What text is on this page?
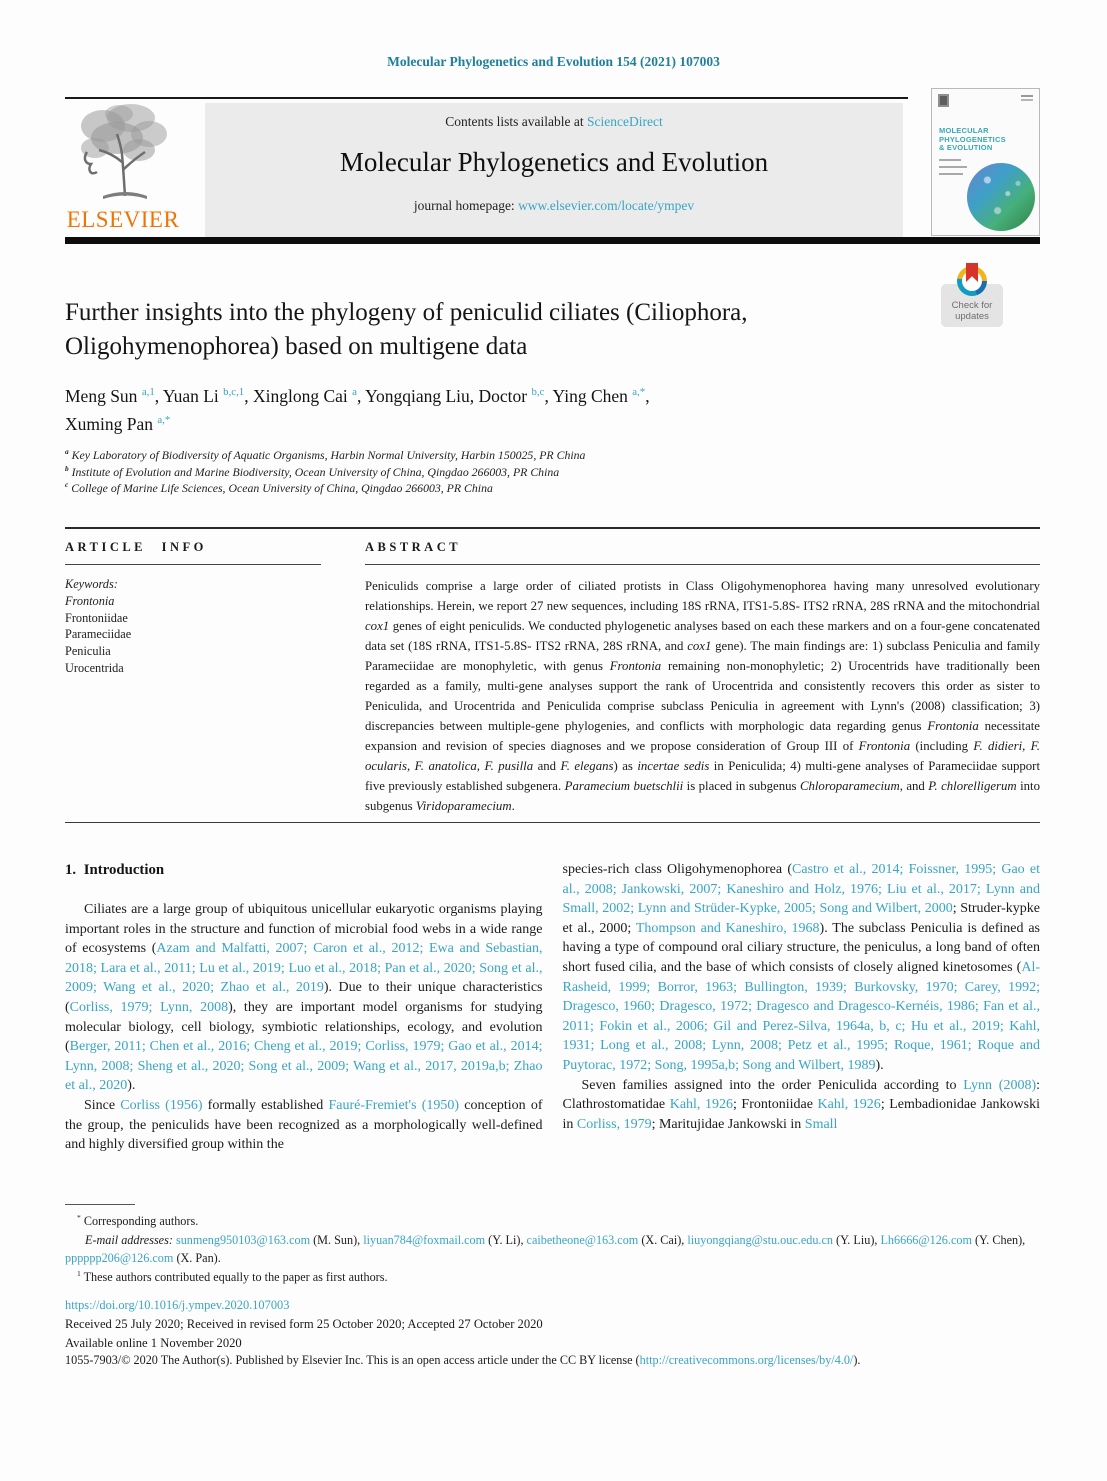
Molecular Phylogenetics and Evolution 154 (2021) 107003
ELSEVIER
Contents lists available at ScienceDirect
Molecular Phylogenetics and Evolution
journal homepage: www.elsevier.com/locate/ympev
MOLECULAR
PHYLOGENETICS
& EVOLUTION
Check for
updates
Further insights into the phylogeny of peniculid ciliates (Ciliophora,
Oligohymenophorea) based on multigene data
Meng Sun $^{a,1}$, Yuan Li $^{b,c,1}$, Xinglong Cai $^a$, Yongqiang Liu, Doctor $^{b,c}$, Ying Chen $^{a,*}$,
Xuming Pan $^{a,*}$
$^a$ Key Laboratory of Biodiversity of Aquatic Organisms, Harbin Normal University, Harbin 150025, PR China
$^b$ Institute of Evolution and Marine Biodiversity, Ocean University of China, Qingdao 266003, PR China
$^c$ College of Marine Life Sciences, Ocean University of China, Qingdao 266003, PR China
ARTICLE INFO
Keywords:
Frontonia
Frontoniidae
Parameciidae
Peniculia
Urocentrida
ABSTRACT
Peniculids comprise a large order of ciliated protists in Class Oligohymenophorea having many unresolved evolutionary relationships. Herein, we report 27 new sequences, including 18S rRNA, ITS1-5.8S- ITS2 rRNA, 28S rRNA and the mitochondrial cox1 genes of eight peniculids. We conducted phylogenetic analyses based on each these markers and on a four-gene concatenated data set (18S rRNA, ITS1-5.8S- ITS2 rRNA, 28S rRNA, and cox1 gene). The main findings are: 1) subclass Peniculia and family Parameciidae are monophyletic, with genus Frontonia remaining non-monophyletic; 2) Urocentrids have traditionally been regarded as a family, multi-gene analyses support the rank of Urocentrida and consistently recovers this order as sister to Peniculida, and Urocentrida and Peniculida comprise subclass Peniculia in agreement with Lynn's (2008) classification; 3) discrepancies between multiple-gene phylogenies, and conflicts with morphologic data regarding genus Frontonia necessitate expansion and revision of species diagnoses and we propose consideration of Group III of Frontonia (including F. didieri, F. ocularis, F. anatolica, F. pusilla and F. elegans) as incertae sedis in Peniculida; 4) multi-gene analyses of Parameciidae support five previously established subgenera. Paramecium buetschlii is placed in subgenus Chloroparamecium, and P. chlorelligerum into subgenus Viridoparamecium.
1. Introduction

Ciliates are a large group of ubiquitous unicellular eukaryotic organisms playing important roles in the structure and function of microbial food webs in a wide range of ecosystems (Azam and Malfatti, 2007; Caron et al., 2012; Ewa and Sebastian, 2018; Lara et al., 2011; Lu et al., 2019; Luo et al., 2018; Pan et al., 2020; Song et al., 2009; Wang et al., 2020; Zhao et al., 2019). Due to their unique characteristics (Corliss, 1979; Lynn, 2008), they are important model organisms for studying molecular biology, cell biology, symbiotic relationships, ecology, and evolution (Berger, 2011; Chen et al., 2016; Cheng et al., 2019; Corliss, 1979; Gao et al., 2014; Lynn, 2008; Sheng et al., 2020; Song et al., 2009; Wang et al., 2017, 2019a,b; Zhao et al., 2020).

Since Corliss (1956) formally established Fauré-Fremiet's (1950) conception of the group, the peniculids have been recognized as a morphologically well-defined and highly diversified group within the

species-rich class Oligohymenophorea (Castro et al., 2014; Foissner, 1995; Gao et al., 2008; Jankowski, 2007; Kaneshiro and Holz, 1976; Liu et al., 2017; Lynn and Small, 2002; Lynn and Strüder-Kypke, 2005; Song and Wilbert, 2000; Struder-kypke et al., 2000; Thompson and Kaneshiro, 1968). The subclass Peniculia is defined as having a type of compound oral ciliary structure, the peniculus, a long band of often short fused cilia, and the base of which consists of closely aligned kinetosomes (Al-Rasheid, 1999; Borror, 1963; Bullington, 1939; Burkovsky, 1970; Carey, 1992; Dragesco, 1960; Dragesco, 1972; Dragesco and Dragesco-Kernéis, 1986; Fan et al., 2011; Fokin et al., 2006; Gil and Perez-Silva, 1964a, b, c; Hu et al., 2019; Kahl, 1931; Long et al., 2008; Lynn, 2008; Petz et al., 1995; Roque, 1961; Roque and Puytorac, 1972; Song, 1995a,b; Song and Wilbert, 1989).

Seven families assigned into the order Peniculida according to Lynn (2008): Clathrostomatidae Kahl, 1926; Frontoniidae Kahl, 1926; Lembadionidae Jankowski in Corliss, 1979; Maritujidae Jankowski in Small

* Corresponding authors.
E-mail addresses: sunmeng950103@163.com (M. Sun), liyuan784@foxmail.com (Y. Li), caibetheone@163.com (X. Cai), liuyongqiang@stu.ouc.edu.cn (Y. Liu), Lh6666@126.com (Y. Chen), pppppp206@126.com (X. Pan).
$^1$ These authors contributed equally to the paper as first authors.
https://doi.org/10.1016/j.ympev.2020.107003
Received 25 July 2020; Received in revised form 25 October 2020; Accepted 27 October 2020
Available online 1 November 2020
1055-7903/© 2020 The Author(s). Published by Elsevier Inc. This is an open access article under the CC BY license (http://creativecommons.org/licenses/by/4.0/).
